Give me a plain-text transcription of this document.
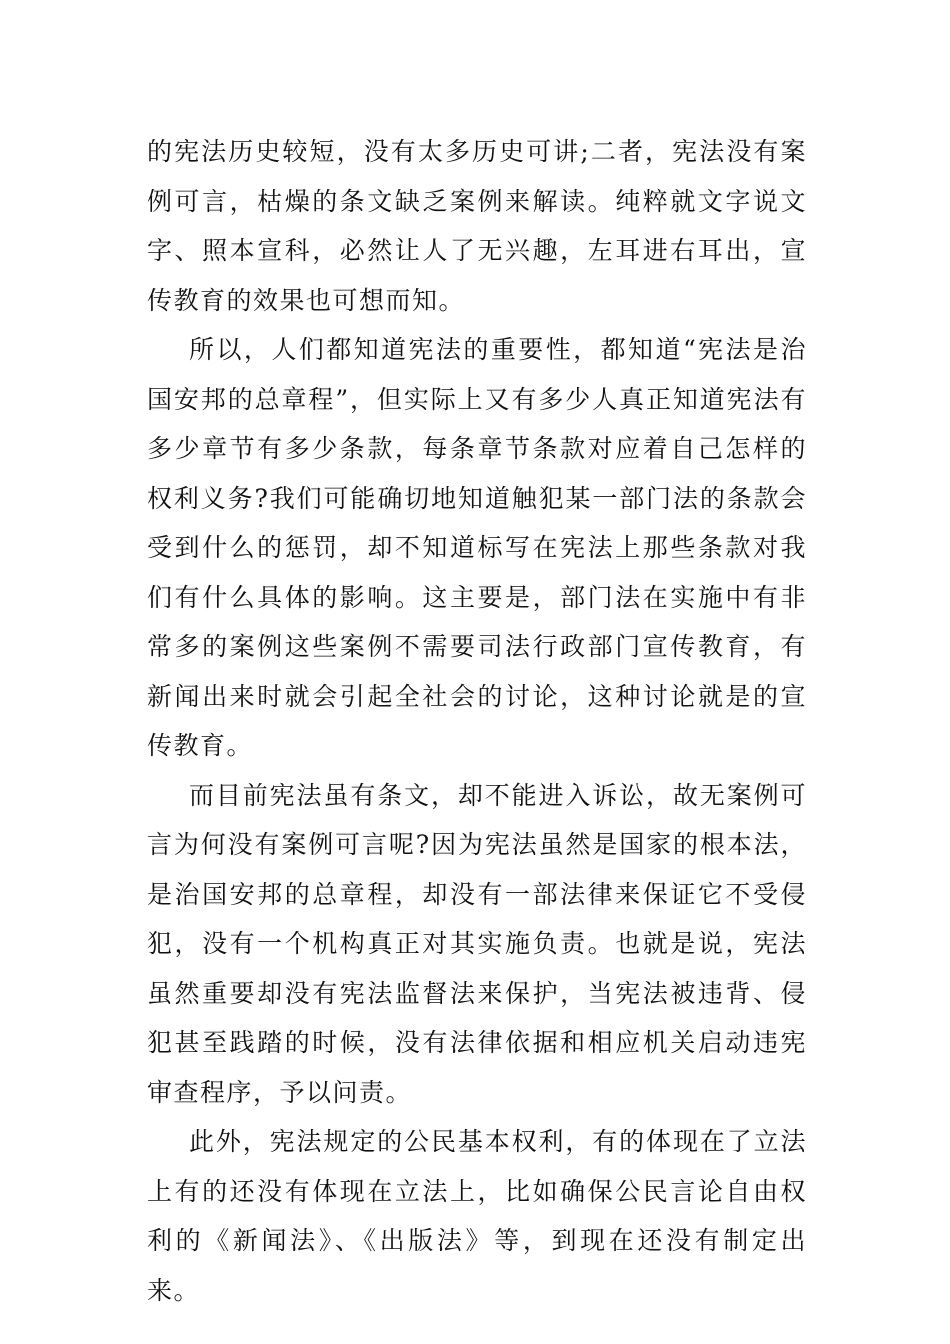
的宪法历史较短，没有太多历史可讲;二者，宪法没有案例可言，枯燥的条文缺乏案例来解读。纯粹就文字说文字、照本宣科，必然让人了无兴趣，左耳进右耳出，宣传教育的效果也可想而知。

所以，人们都知道宪法的重要性，都知道“宪法是治国安邦的总章程”，但实际上又有多少人真正知道宪法有多少章节有多少条款，每条章节条款对应着自己怎样的权利义务?我们可能确切地知道触犯某一部门法的条款会受到什么的惩罚，却不知道标写在宪法上那些条款对我们有什么具体的影响。这主要是，部门法在实施中有非常多的案例这些案例不需要司法行政部门宣传教育，有新闻出来时就会引起全社会的讨论，这种讨论就是的宣传教育。

而目前宪法虽有条文，却不能进入诉讼，故无案例可言为何没有案例可言呢?因为宪法虽然是国家的根本法，是治国安邦的总章程，却没有一部法律来保证它不受侵犯，没有一个机构真正对其实施负责。也就是说，宪法虽然重要却没有宪法监督法来保护，当宪法被违背、侵犯甚至践踏的时候，没有法律依据和相应机关启动违宪审查程序，予以问责。

此外，宪法规定的公民基本权利，有的体现在了立法上有的还没有体现在立法上，比如确保公民言论自由权利的《新闻法》、《出版法》等，到现在还没有制定出来。
